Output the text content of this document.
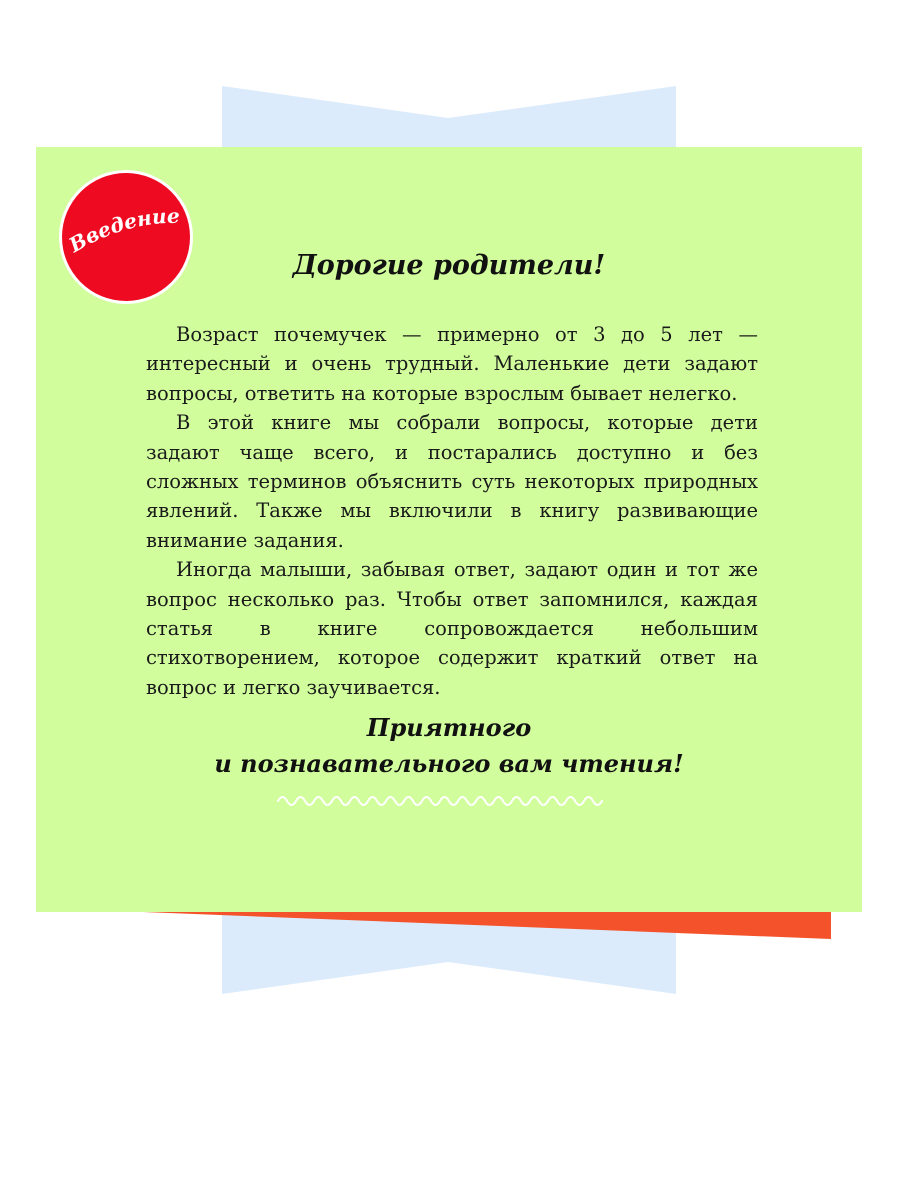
Введение
Дорогие родители!

Возраст почемучек — примерно от 3 до 5 лет — интересный и очень трудный. Маленькие дети задают вопросы, ответить на которые взрослым бывает нелегко.

В этой книге мы собрали вопросы, которые дети задают чаще всего, и постарались доступно и без сложных терминов объяснить суть некоторых природных явлений. Также мы включили в книгу развивающие внимание задания.

Иногда малыши, забывая ответ, задают один и тот же вопрос несколько раз. Чтобы ответ запомнился, каждая статья в книге сопровождается небольшим стихотворением, которое содержит краткий ответ на вопрос и легко заучивается.

Приятного
и познавательного вам чтения!
